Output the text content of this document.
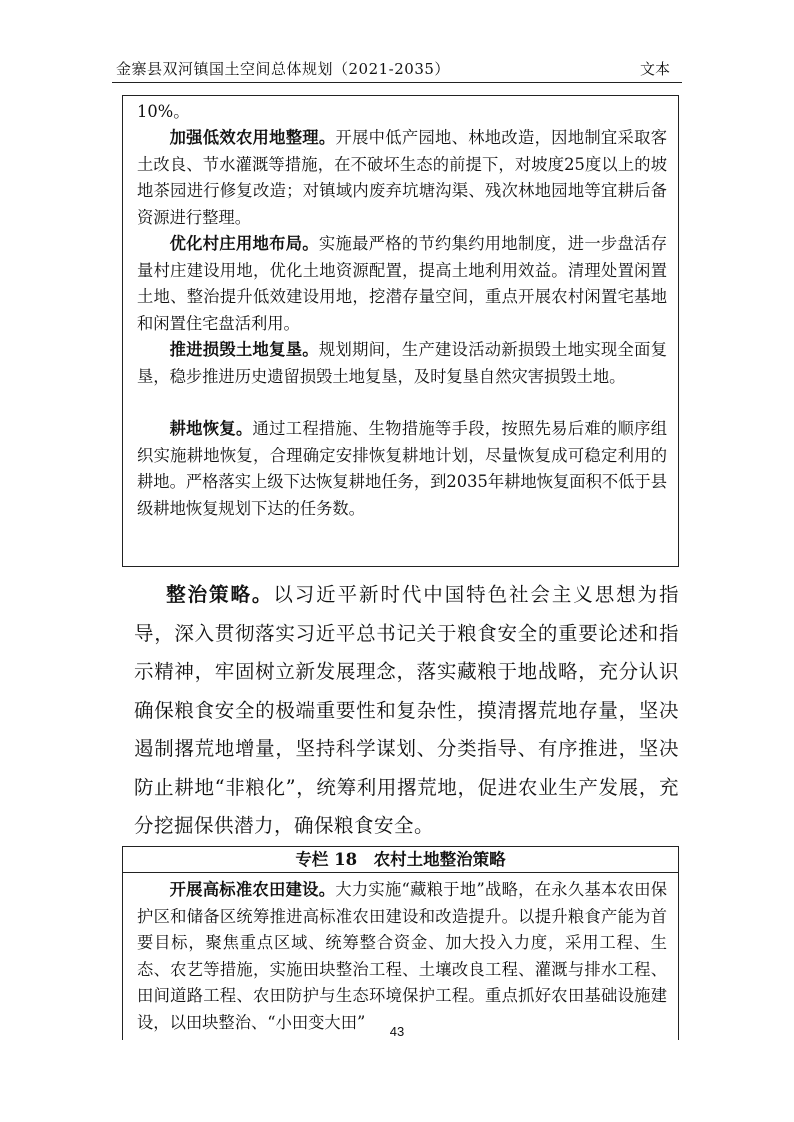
金寨县双河镇国土空间总体规划（2021-2035）	文本
10%。
加强低效农用地整理。开展中低产园地、林地改造，因地制宜采取客土改良、节水灌溉等措施，在不破坏生态的前提下，对坡度25度以上的坡地茶园进行修复改造；对镇域内废弃坑塘沟渠、残次林地园地等宜耕后备资源进行整理。
优化村庄用地布局。实施最严格的节约集约用地制度，进一步盘活存量村庄建设用地，优化土地资源配置，提高土地利用效益。清理处置闲置土地、整治提升低效建设用地，挖潜存量空间，重点开展农村闲置宅基地和闲置住宅盘活利用。
推进损毁土地复垦。规划期间，生产建设活动新损毁土地实现全面复垦，稳步推进历史遗留损毁土地复垦，及时复垦自然灾害损毁土地。
耕地恢复。通过工程措施、生物措施等手段，按照先易后难的顺序组织实施耕地恢复，合理确定安排恢复耕地计划，尽量恢复成可稳定利用的耕地。严格落实上级下达恢复耕地任务，到2035年耕地恢复面积不低于县级耕地恢复规划下达的任务数。
整治策略。以习近平新时代中国特色社会主义思想为指导，深入贯彻落实习近平总书记关于粮食安全的重要论述和指示精神，牢固树立新发展理念，落实藏粮于地战略，充分认识确保粮食安全的极端重要性和复杂性，摸清撂荒地存量，坚决遏制撂荒地增量，坚持科学谋划、分类指导、有序推进，坚决防止耕地“非粮化”，统筹利用撂荒地，促进农业生产发展，充分挖掘保供潜力，确保粮食安全。
专栏 18　农村土地整治策略
开展高标准农田建设。大力实施“藏粮于地”战略，在永久基本农田保护区和储备区统筹推进高标准农田建设和改造提升。以提升粮食产能为首要目标，聚焦重点区域、统筹整合资金、加大投入力度，采用工程、生态、农艺等措施，实施田块整治工程、土壤改良工程、灌溉与排水工程、田间道路工程、农田防护与生态环境保护工程。重点抓好农田基础设施建设，以田块整治、“小田变大田”	43
